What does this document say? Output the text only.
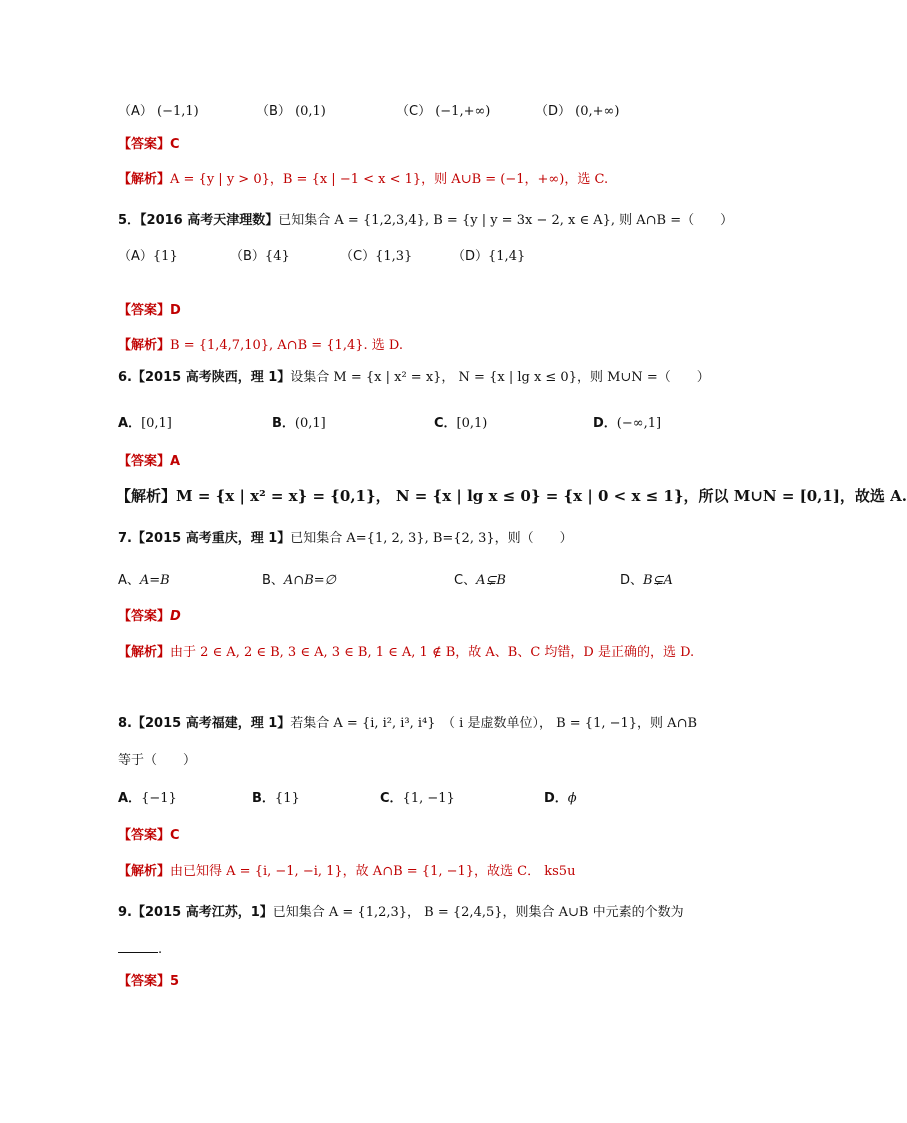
（A） (−1,1)	（B） (0,1)	（C） (−1,+∞)	（D） (0,+∞)
【答案】C
【解析】A = {y | y > 0}，B = {x | −1 < x < 1}，则 A∪B = (−1，+∞)，选 C.
5．【2016 高考天津理数】已知集合 A = {1,2,3,4}, B = {y | y = 3x − 2, x ∈ A}, 则 A∩B =（　　）
（A）{1}	（B）{4}	（C）{1,3}	（D）{1,4}
【答案】D
【解析】B = {1,4,7,10}, A∩B = {1,4}. 选 D.
6.【2015 高考陕西，理 1】设集合 M = {x | x² = x}， N = {x | lg x ≤ 0}，则 M∪N =（　　）
A．[0,1]	B．(0,1]	C．[0,1)	D．(−∞,1]
【答案】A
【解析】M = {x | x² = x} = {0,1}， N = {x | lg x ≤ 0} = {x | 0 < x ≤ 1}，所以 M∪N = [0,1]，故选 A.
7.【2015 高考重庆，理 1】已知集合 A={1, 2, 3}, B={2, 3}，则（　　）
A、A=B	B、A∩B=∅	C、A⊊B	D、B⊊A
【答案】D
【解析】由于 2 ∈ A, 2 ∈ B, 3 ∈ A, 3 ∈ B, 1 ∈ A, 1 ∉ B，故 A、B、C 均错，D 是正确的，选 D.
8.【2015 高考福建，理 1】若集合 A = {i, i², i³, i⁴}　（ i 是虚数单位）， B = {1, −1}，则 A∩B
等于（　　）
A．{−1}	B．{1}	C．{1, −1}	D．ϕ
【答案】C
【解析】由已知得 A = {i, −1, −i, 1}，故 A∩B = {1, −1}，故选 C． ks5u
9.【2015 高考江苏，1】已知集合 A = {1,2,3}， B = {2,4,5}，则集合 A∪B 中元素的个数为
.
【答案】5
